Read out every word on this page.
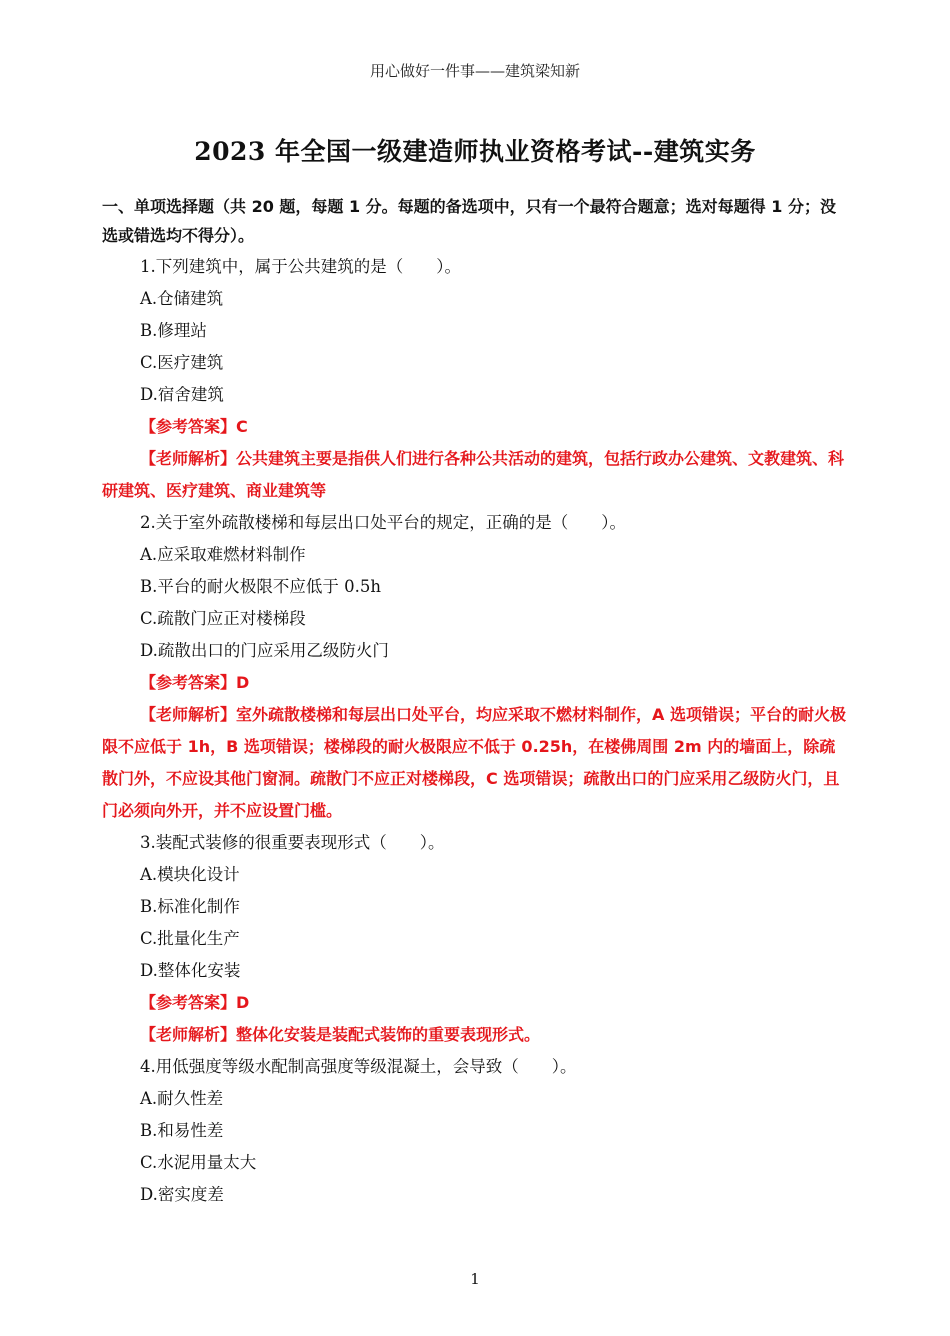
用心做好一件事——建筑梁知新
2023 年全国一级建造师执业资格考试--建筑实务
一、单项选择题（共 20 题，每题 1 分。每题的备选项中，只有一个最符合题意；选对每题得 1 分；没选或错选均不得分）。
1.下列建筑中，属于公共建筑的是（　　）。
A.仓储建筑
B.修理站
C.医疗建筑
D.宿舍建筑
【参考答案】C
【老师解析】公共建筑主要是指供人们进行各种公共活动的建筑，包括行政办公建筑、文教建筑、科研建筑、医疗建筑、商业建筑等
2.关于室外疏散楼梯和每层出口处平台的规定，正确的是（　　）。
A.应采取难燃材料制作
B.平台的耐火极限不应低于 0.5h
C.疏散门应正对楼梯段
D.疏散出口的门应采用乙级防火门
【参考答案】D
【老师解析】室外疏散楼梯和每层出口处平台，均应采取不燃材料制作，A 选项错误；平台的耐火极限不应低于 1h，B 选项错误；楼梯段的耐火极限应不低于 0.25h，在楼佛周围 2m 内的墙面上，除疏散门外，不应设其他门窗洞。疏散门不应正对楼梯段，C 选项错误；疏散出口的门应采用乙级防火门，且门必须向外开，并不应设置门槛。
3.装配式装修的很重要表现形式（　　）。
A.模块化设计
B.标准化制作
C.批量化生产
D.整体化安装
【参考答案】D
【老师解析】整体化安装是装配式装饰的重要表现形式。
4.用低强度等级水配制高强度等级混凝土，会导致（　　）。
A.耐久性差
B.和易性差
C.水泥用量太大
D.密实度差
1
